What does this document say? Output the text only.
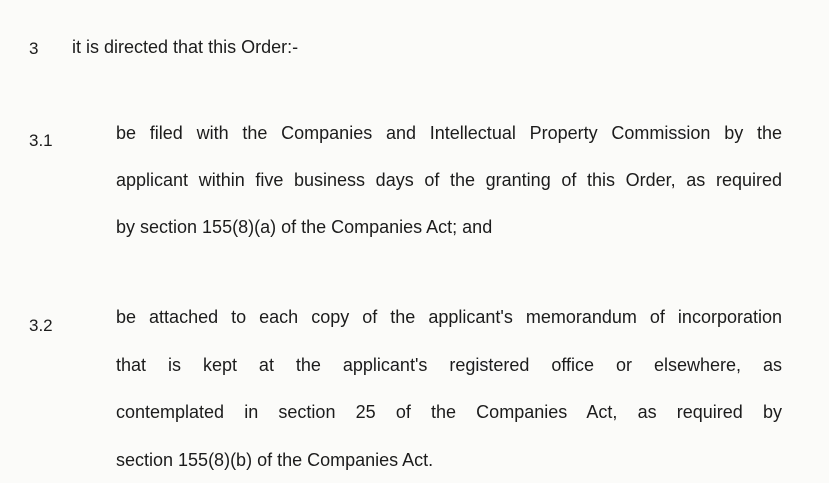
3 it is directed that this Order:-
3.1	be filed with the Companies and Intellectual Property Commission by the
applicant within five business days of the granting of this Order, as required
by section 155(8)(a) of the Companies Act; and
3.2	be attached to each copy of the applicant's memorandum of incorporation
that is kept at the applicant's registered office or elsewhere, as
contemplated in section 25 of the Companies Act, as required by
section 155(8)(b) of the Companies Act.
